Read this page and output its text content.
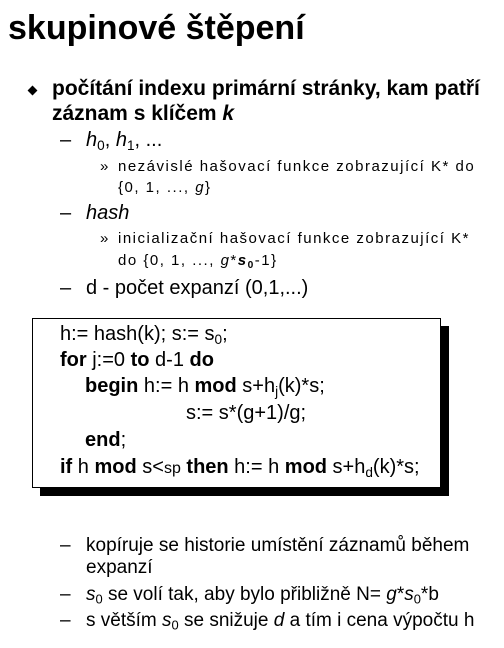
skupinové štěpení
počítání indexu primární stránky, kam patří
záznam s klíčem k
– $h_0$, $h_1$, ...
» nezávislé hašovací funkce zobrazující K* do
{0, 1, ..., g}
– hash
» inicializační hašovací funkce zobrazující K*
do {0, 1, ..., $g*s_0-1$}
– d - počet expanzí (0,1,...)
h:= hash(k); s:= $s_0$;
for j:=0 to d-1 do
begin h:= h mod $s+h_j(k)*s$;
s:= s*(g+1)/g;
end;
if h mod s<sp then h:= h mod $s+h_d(k)*s$;
– kopíruje se historie umístění záznamů během
expanzí
– $s_0$ se volí tak, aby bylo přibližně $N= g*s_0*b$
– s větším $s_0$ se snižuje d a tím i cena výpočtu h
